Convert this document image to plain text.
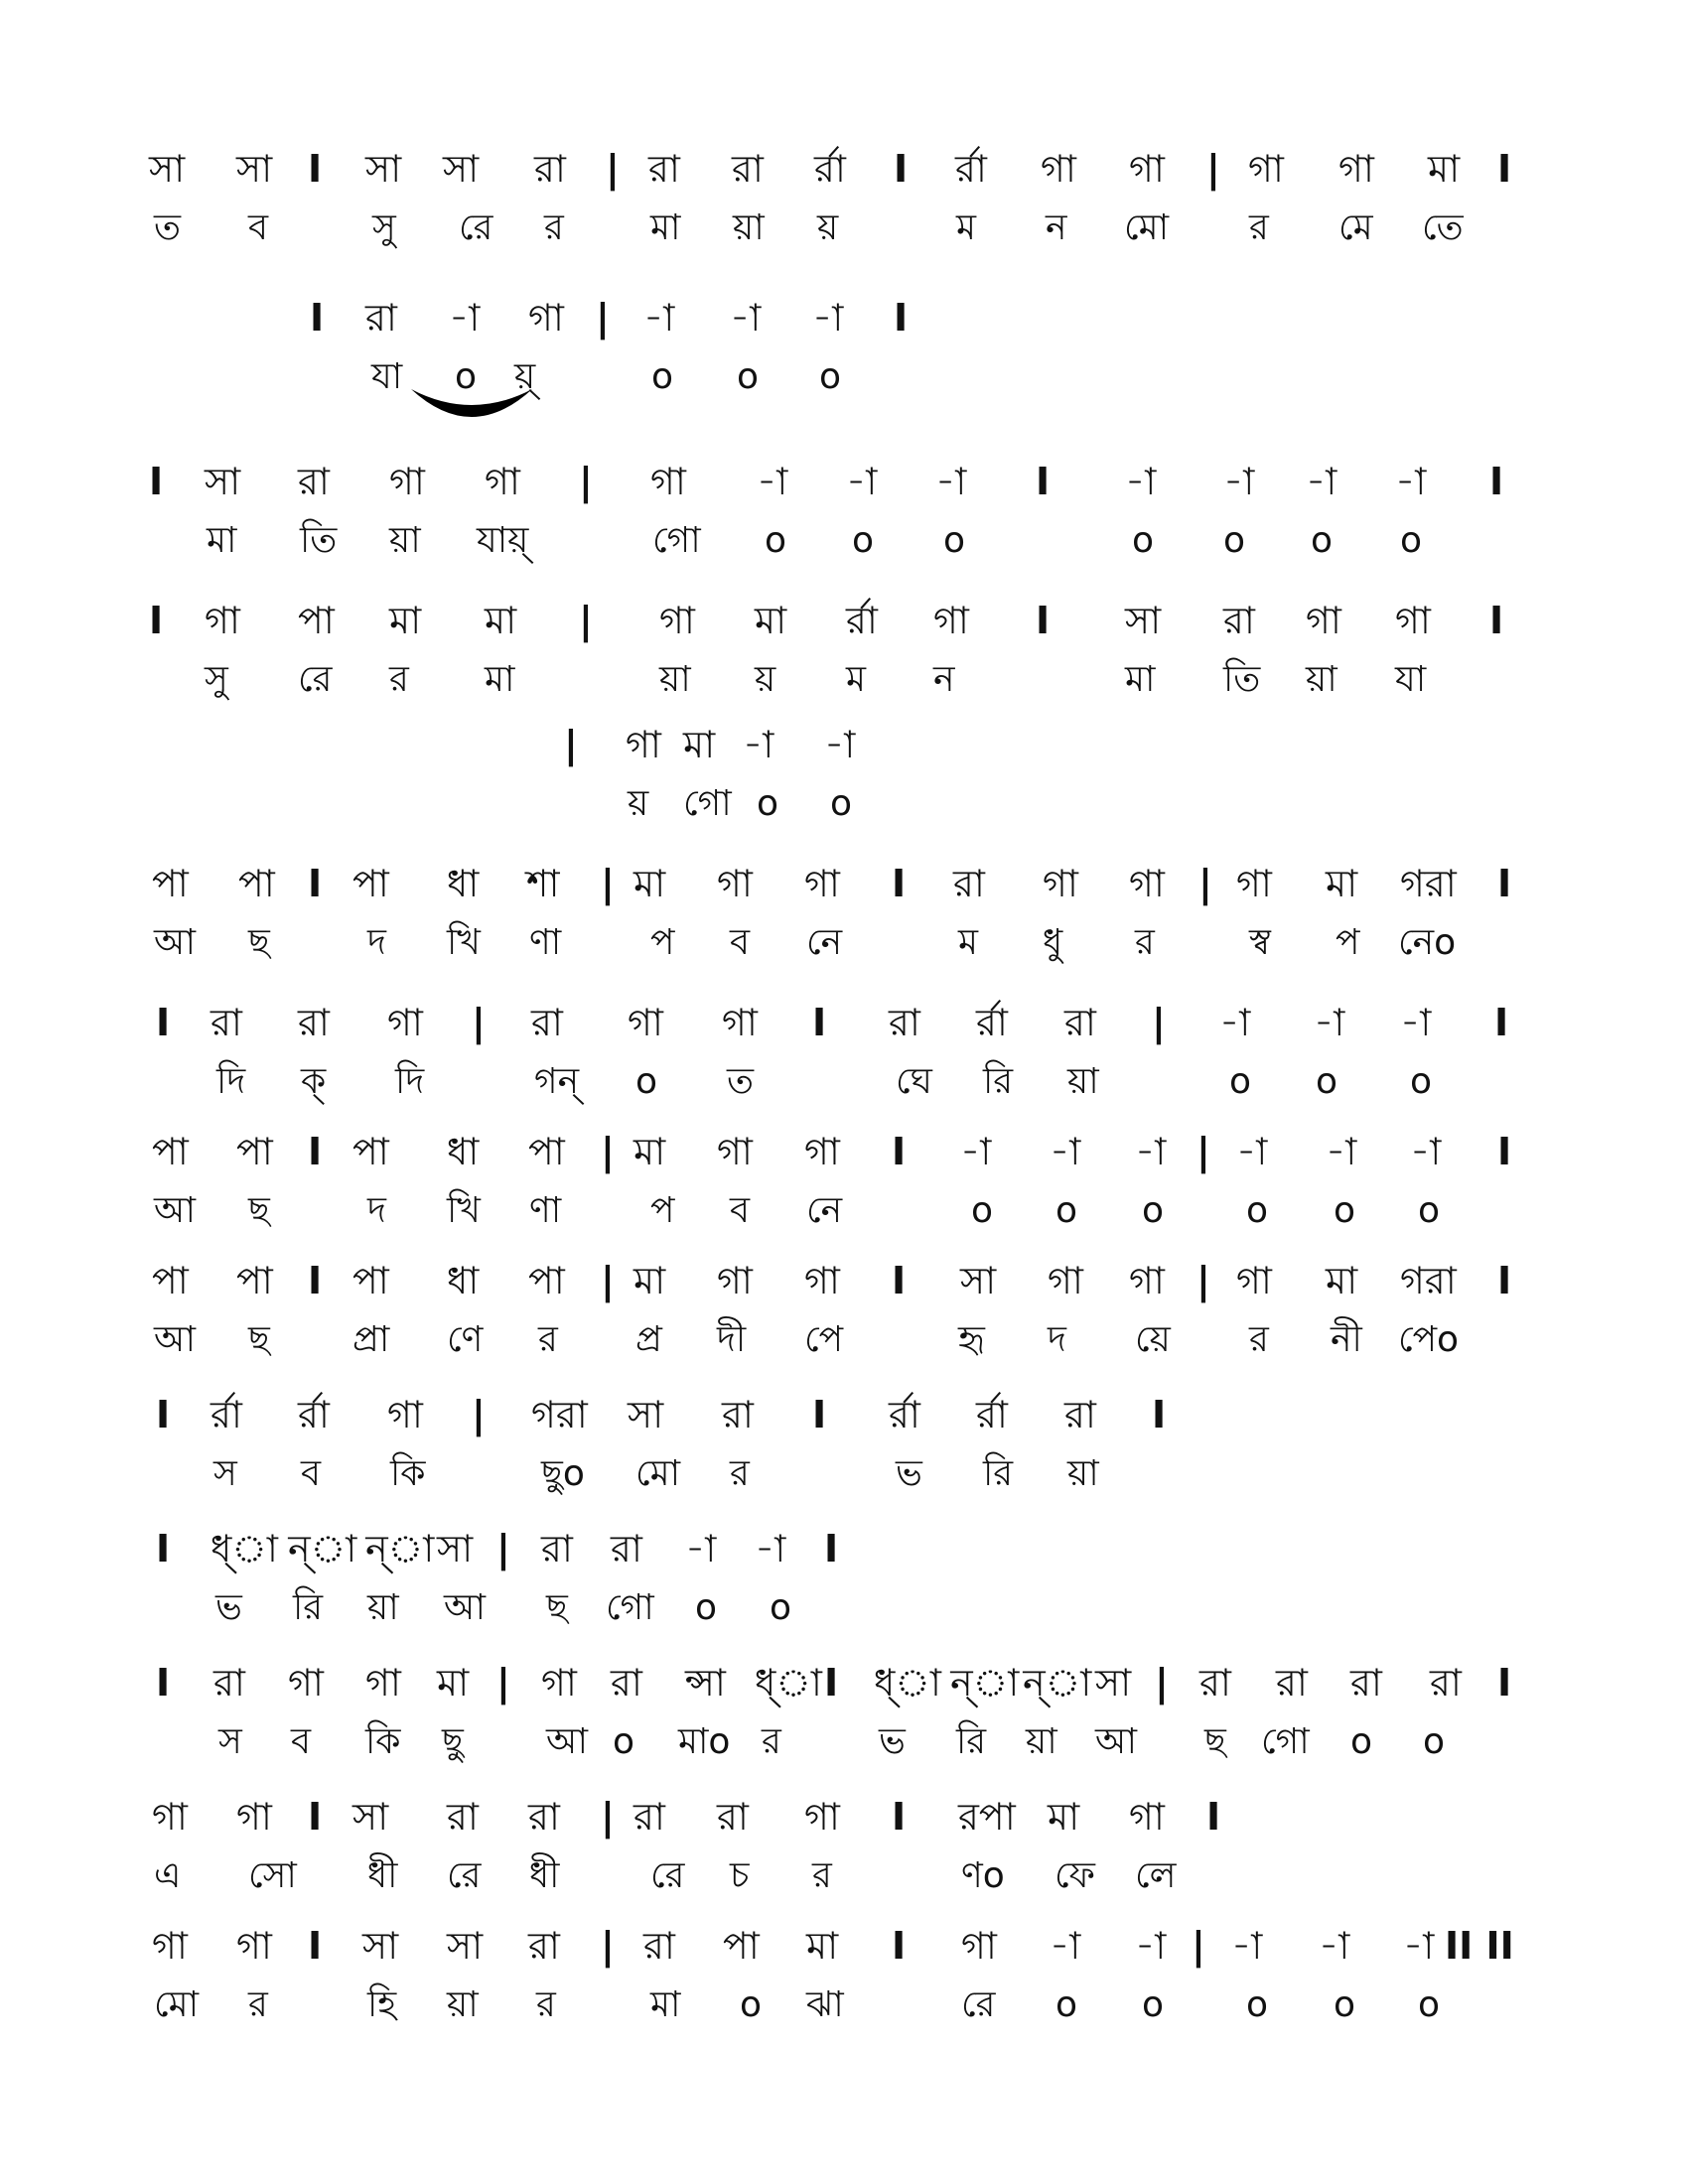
সা সা I সা সা রা | রা রা র্রা I র্রা গা গা | গা গা মা I
ত ব	সু রে র মা য়া য়	ম ন মো র মে তে
I রা -া গা | -া -া -া I
যা o য়্	o o o
I সা রা গা গা | গা -া -া -া I -া -া -া -া I
মা তি য়া যায়্	গো o o o	o o o o
I গা পা মা মা | গা মা র্রা গা I সা রা গা গা I
সু রে র মা	য়া য় ম ন	মা তি য়া যা
| গা মা -া -া
য় গো o o
পা পা I পা ধা শা | মা গা গা I রা গা গা | গা মা গরা I
আ ছ	দ খি ণা প ব নে	ম ধু র	স্ব প নেo
I রা রা গা | রা গা গা I রা র্রা রা | -া -া -া I
দি ক্ দি	গন্ o ত	ঘে রি য়া	o o o
পা পা I পা ধা পা | মা গা গা I -া -া -া | -া -া -া I
আ ছ	দ খি ণা প ব নে	o o o o o o
পা পা I পা ধা পা | মা গা গা I সা গা গা | গা মা গরা I
আ ছ প্রা ণে র প্র দী পে	হৃ দ য়ে র নী পেo
I র্রা র্রা গা | গরা সা রা I র্রা র্রা রা I
স ব কি	ছুo মো র	ভ রি য়া
I ধ্া ন্া ন্া সা | রা রা -া -া I
ভ রি য়া আ ছ গো o o
I রা গা গা মা | গা রা ন্সা ধ্া I ধ্া ন্া ন্া সা | রা রা রা রা I
স ব কি ছু আ o মাo র	ভ রি য়া আ ছ গো o o
গা গা I সা রা রা | রা রা গা I রপা মা গা I
এ সো ধী রে ধী	রে চ র	ণo ফে লে
গা গা I সা সা রা | রা পা মা I গা -া -া | -া -া -া II II
মো র	হি য়া র	মা o ঝা	রে o o o o o
